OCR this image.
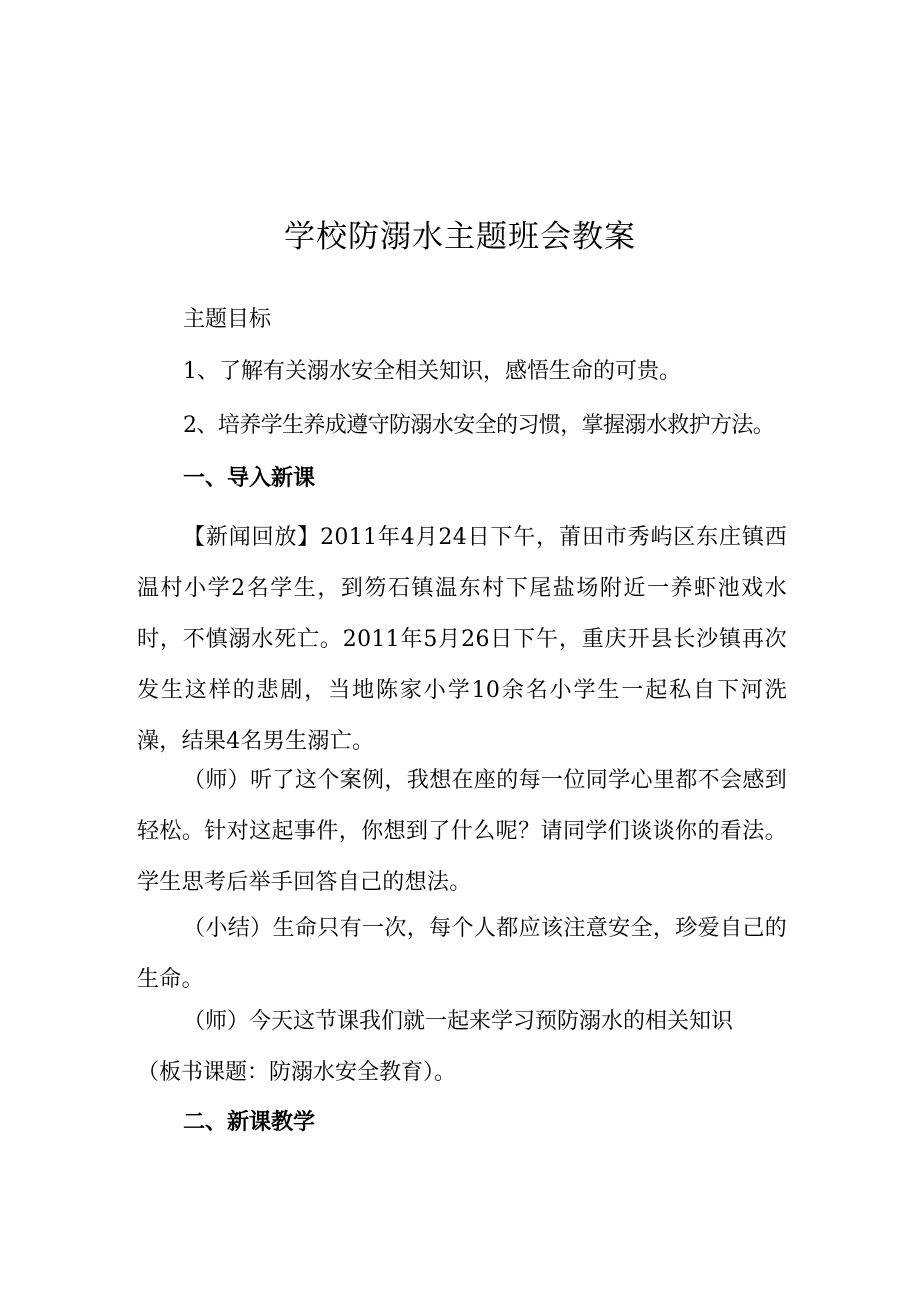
学校防溺水主题班会教案
主题目标
1、了解有关溺水安全相关知识，感悟生命的可贵。
2、培养学生养成遵守防溺水安全的习惯，掌握溺水救护方法。
一、导入新课
【新闻回放】2011年4月24日下午，莆田市秀屿区东庄镇西温村小学2名学生，到笏石镇温东村下尾盐场附近一养虾池戏水时，不慎溺水死亡。2011年5月26日下午，重庆开县长沙镇再次发生这样的悲剧，当地陈家小学10余名小学生一起私自下河洗澡，结果4名男生溺亡。
（师）听了这个案例，我想在座的每一位同学心里都不会感到轻松。针对这起事件，你想到了什么呢？请同学们谈谈你的看法。学生思考后举手回答自己的想法。
（小结）生命只有一次，每个人都应该注意安全，珍爱自己的生命。
（师）今天这节课我们就一起来学习预防溺水的相关知识
（板书课题：防溺水安全教育）。
二、新课教学
